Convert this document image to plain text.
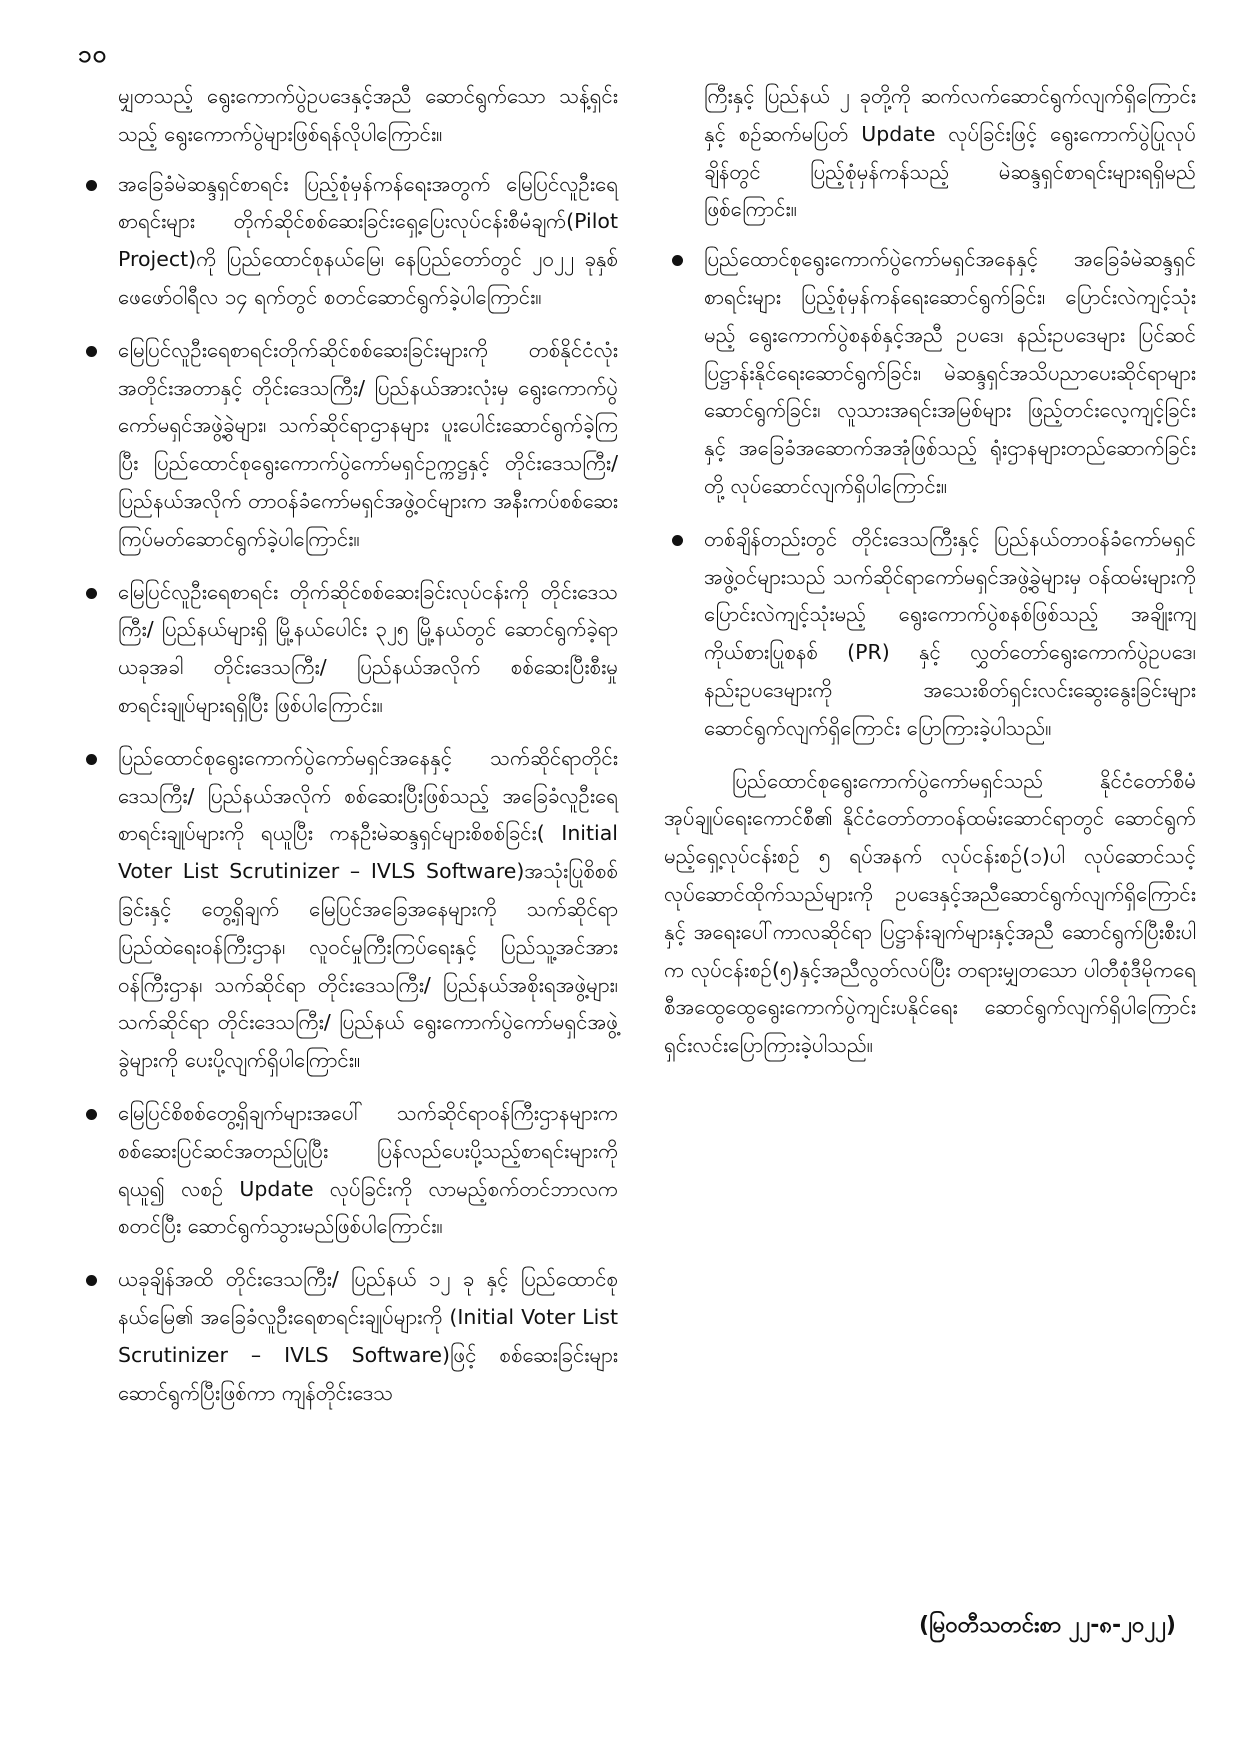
၁၀

မျှတသည့် ရွေးကောက်ပွဲဥပဒေနှင့်အညီ ဆောင်ရွက်သော သန့်ရှင်းသည့် ရွေးကောက်ပွဲများဖြစ်ရန်လိုပါကြောင်း။

အခြေခံမဲဆန္ဒရှင်စာရင်း ပြည့်စုံမှန်ကန်ရေးအတွက် မြေပြင်လူဦးရေစာရင်းများ တိုက်ဆိုင်စစ်ဆေးခြင်းရှေ့ပြေးလုပ်ငန်းစီမံချက်(Pilot Project)ကို ပြည်ထောင်စုနယ်မြေ၊ နေပြည်တော်တွင် ၂၀၂၂ ခုနှစ် ဖေဖော်ဝါရီလ ၁၄ ရက်တွင် စတင်ဆောင်ရွက်ခဲ့ပါကြောင်း။
မြေပြင်လူဦးရေစာရင်းတိုက်ဆိုင်စစ်ဆေးခြင်းများကို တစ်နိုင်ငံလုံး အတိုင်းအတာနှင့် တိုင်းဒေသကြီး/ ပြည်နယ်အားလုံးမှ ရွေးကောက်ပွဲကော်မရှင်အဖွဲ့ခွဲများ၊ သက်ဆိုင်ရာဌာနများ ပူးပေါင်းဆောင်ရွက်ခဲ့ကြပြီး ပြည်ထောင်စုရွေးကောက်ပွဲကော်မရှင်ဥက္ကဋ္ဌနှင့် တိုင်းဒေသကြီး/ ပြည်နယ်အလိုက် တာဝန်ခံကော်မရှင်အဖွဲ့ဝင်များက အနီးကပ်စစ်ဆေးကြပ်မတ်ဆောင်ရွက်ခဲ့ပါကြောင်း။
မြေပြင်လူဦးရေစာရင်း တိုက်ဆိုင်စစ်ဆေးခြင်းလုပ်ငန်းကို တိုင်းဒေသကြီး/ ပြည်နယ်များရှိ မြို့နယ်ပေါင်း ၃၂၅ မြို့နယ်တွင် ဆောင်ရွက်ခဲ့ရာ ယခုအခါ တိုင်းဒေသကြီး/ ပြည်နယ်အလိုက် စစ်ဆေးပြီးစီးမှုစာရင်းချုပ်များရရှိပြီး ဖြစ်ပါကြောင်း။
ပြည်ထောင်စုရွေးကောက်ပွဲကော်မရှင်အနေနှင့် သက်ဆိုင်ရာတိုင်းဒေသကြီး/ ပြည်နယ်အလိုက် စစ်ဆေးပြီးဖြစ်သည့် အခြေခံလူဦးရေစာရင်းချုပ်များကို ရယူပြီး ကနဦးမဲဆန္ဒရှင်များစိစစ်ခြင်း( Initial Voter List Scrutinizer – IVLS Software)အသုံးပြုစိစစ်ခြင်းနှင့် တွေ့ရှိချက် မြေပြင်အခြေအနေများကို သက်ဆိုင်ရာပြည်ထဲရေးဝန်ကြီးဌာန၊ လူဝင်မှုကြီးကြပ်ရေးနှင့် ပြည်သူ့အင်အားဝန်ကြီးဌာန၊ သက်ဆိုင်ရာ တိုင်းဒေသကြီး/ ပြည်နယ်အစိုးရအဖွဲ့များ၊ သက်ဆိုင်ရာ တိုင်းဒေသကြီး/ ပြည်နယ် ရွေးကောက်ပွဲကော်မရှင်အဖွဲ့ခွဲများကို ပေးပို့လျက်ရှိပါကြောင်း။
မြေပြင်စိစစ်တွေ့ရှိချက်များအပေါ် သက်ဆိုင်ရာဝန်ကြီးဌာနများက စစ်ဆေးပြင်ဆင်အတည်ပြုပြီး ပြန်လည်ပေးပို့သည့်စာရင်းများကို ရယူ၍ လစဉ် Update လုပ်ခြင်းကို လာမည့်စက်တင်ဘာလက စတင်ပြီး ဆောင်ရွက်သွားမည်ဖြစ်ပါကြောင်း။
ယခုချိန်အထိ တိုင်းဒေသကြီး/ ပြည်နယ် ၁၂ ခု နှင့် ပြည်ထောင်စုနယ်မြေ၏ အခြေခံလူဦးရေစာရင်းချုပ်များကို (Initial Voter List Scrutinizer – IVLS Software)ဖြင့် စစ်ဆေးခြင်းများ ဆောင်ရွက်ပြီးဖြစ်ကာ ကျန်တိုင်းဒေသ

ကြီးနှင့် ပြည်နယ် ၂ ခုတို့ကို ဆက်လက်ဆောင်ရွက်လျက်ရှိကြောင်းနှင့် စဉ်ဆက်မပြတ် Update လုပ်ခြင်းဖြင့် ရွေးကောက်ပွဲပြုလုပ်ချိန်တွင် ပြည့်စုံမှန်ကန်သည့် မဲဆန္ဒရှင်စာရင်းများရရှိမည်ဖြစ်ကြောင်း။

ပြည်ထောင်စုရွေးကောက်ပွဲကော်မရှင်အနေနှင့် အခြေခံမဲဆန္ဒရှင်စာရင်းများ ပြည့်စုံမှန်ကန်ရေးဆောင်ရွက်ခြင်း၊ ပြောင်းလဲကျင့်သုံးမည့် ရွေးကောက်ပွဲစနစ်နှင့်အညီ ဥပဒေ၊ နည်းဥပဒေများ ပြင်ဆင်ပြဋ္ဌာန်းနိုင်ရေးဆောင်ရွက်ခြင်း၊ မဲဆန္ဒရှင်အသိပညာပေးဆိုင်ရာများဆောင်ရွက်ခြင်း၊ လူသားအရင်းအမြစ်များ ဖြည့်တင်းလေ့ကျင့်ခြင်းနှင့် အခြေခံအဆောက်အအုံဖြစ်သည့် ရုံးဌာနများတည်ဆောက်ခြင်းတို့ လုပ်ဆောင်လျက်ရှိပါကြောင်း။
တစ်ချိန်တည်းတွင် တိုင်းဒေသကြီးနှင့် ပြည်နယ်တာဝန်ခံကော်မရှင်အဖွဲ့ဝင်များသည် သက်ဆိုင်ရာကော်မရှင်အဖွဲ့ခွဲများမှ ဝန်ထမ်းများကို ပြောင်းလဲကျင့်သုံးမည့် ရွေးကောက်ပွဲစနစ်ဖြစ်သည့် အချိုးကျကိုယ်စားပြုစနစ် (PR) နှင့် လွှတ်တော်ရွေးကောက်ပွဲဥပဒေ၊ နည်းဥပဒေများကို အသေးစိတ်ရှင်းလင်းဆွေးနွေးခြင်းများ ဆောင်ရွက်လျက်ရှိကြောင်း ပြောကြားခဲ့ပါသည်။

ပြည်ထောင်စုရွေးကောက်ပွဲကော်မရှင်သည် နိုင်ငံတော်စီမံအုပ်ချုပ်ရေးကောင်စီ၏ နိုင်ငံတော်တာဝန်ထမ်းဆောင်ရာတွင် ဆောင်ရွက်မည့်ရှေ့လုပ်ငန်းစဉ် ၅ ရပ်အနက် လုပ်ငန်းစဉ်(၁)ပါ လုပ်ဆောင်သင့်လုပ်ဆောင်ထိုက်သည်များကို ဥပဒေနှင့်အညီဆောင်ရွက်လျက်ရှိကြောင်းနှင့် အရေးပေါ်ကာလဆိုင်ရာ ပြဋ္ဌာန်းချက်များနှင့်အညီ ဆောင်ရွက်ပြီးစီးပါက လုပ်ငန်းစဉ်(၅)နှင့်အညီလွတ်လပ်ပြီး တရားမျှတသော ပါတီစုံဒီမိုကရေစီအထွေထွေရွေးကောက်ပွဲကျင်းပနိုင်ရေး ဆောင်ရွက်လျက်ရှိပါကြောင်း ရှင်းလင်းပြောကြားခဲ့ပါသည်။

(မြဝတီသတင်းစာ ၂၂-၈-၂၀၂၂)
